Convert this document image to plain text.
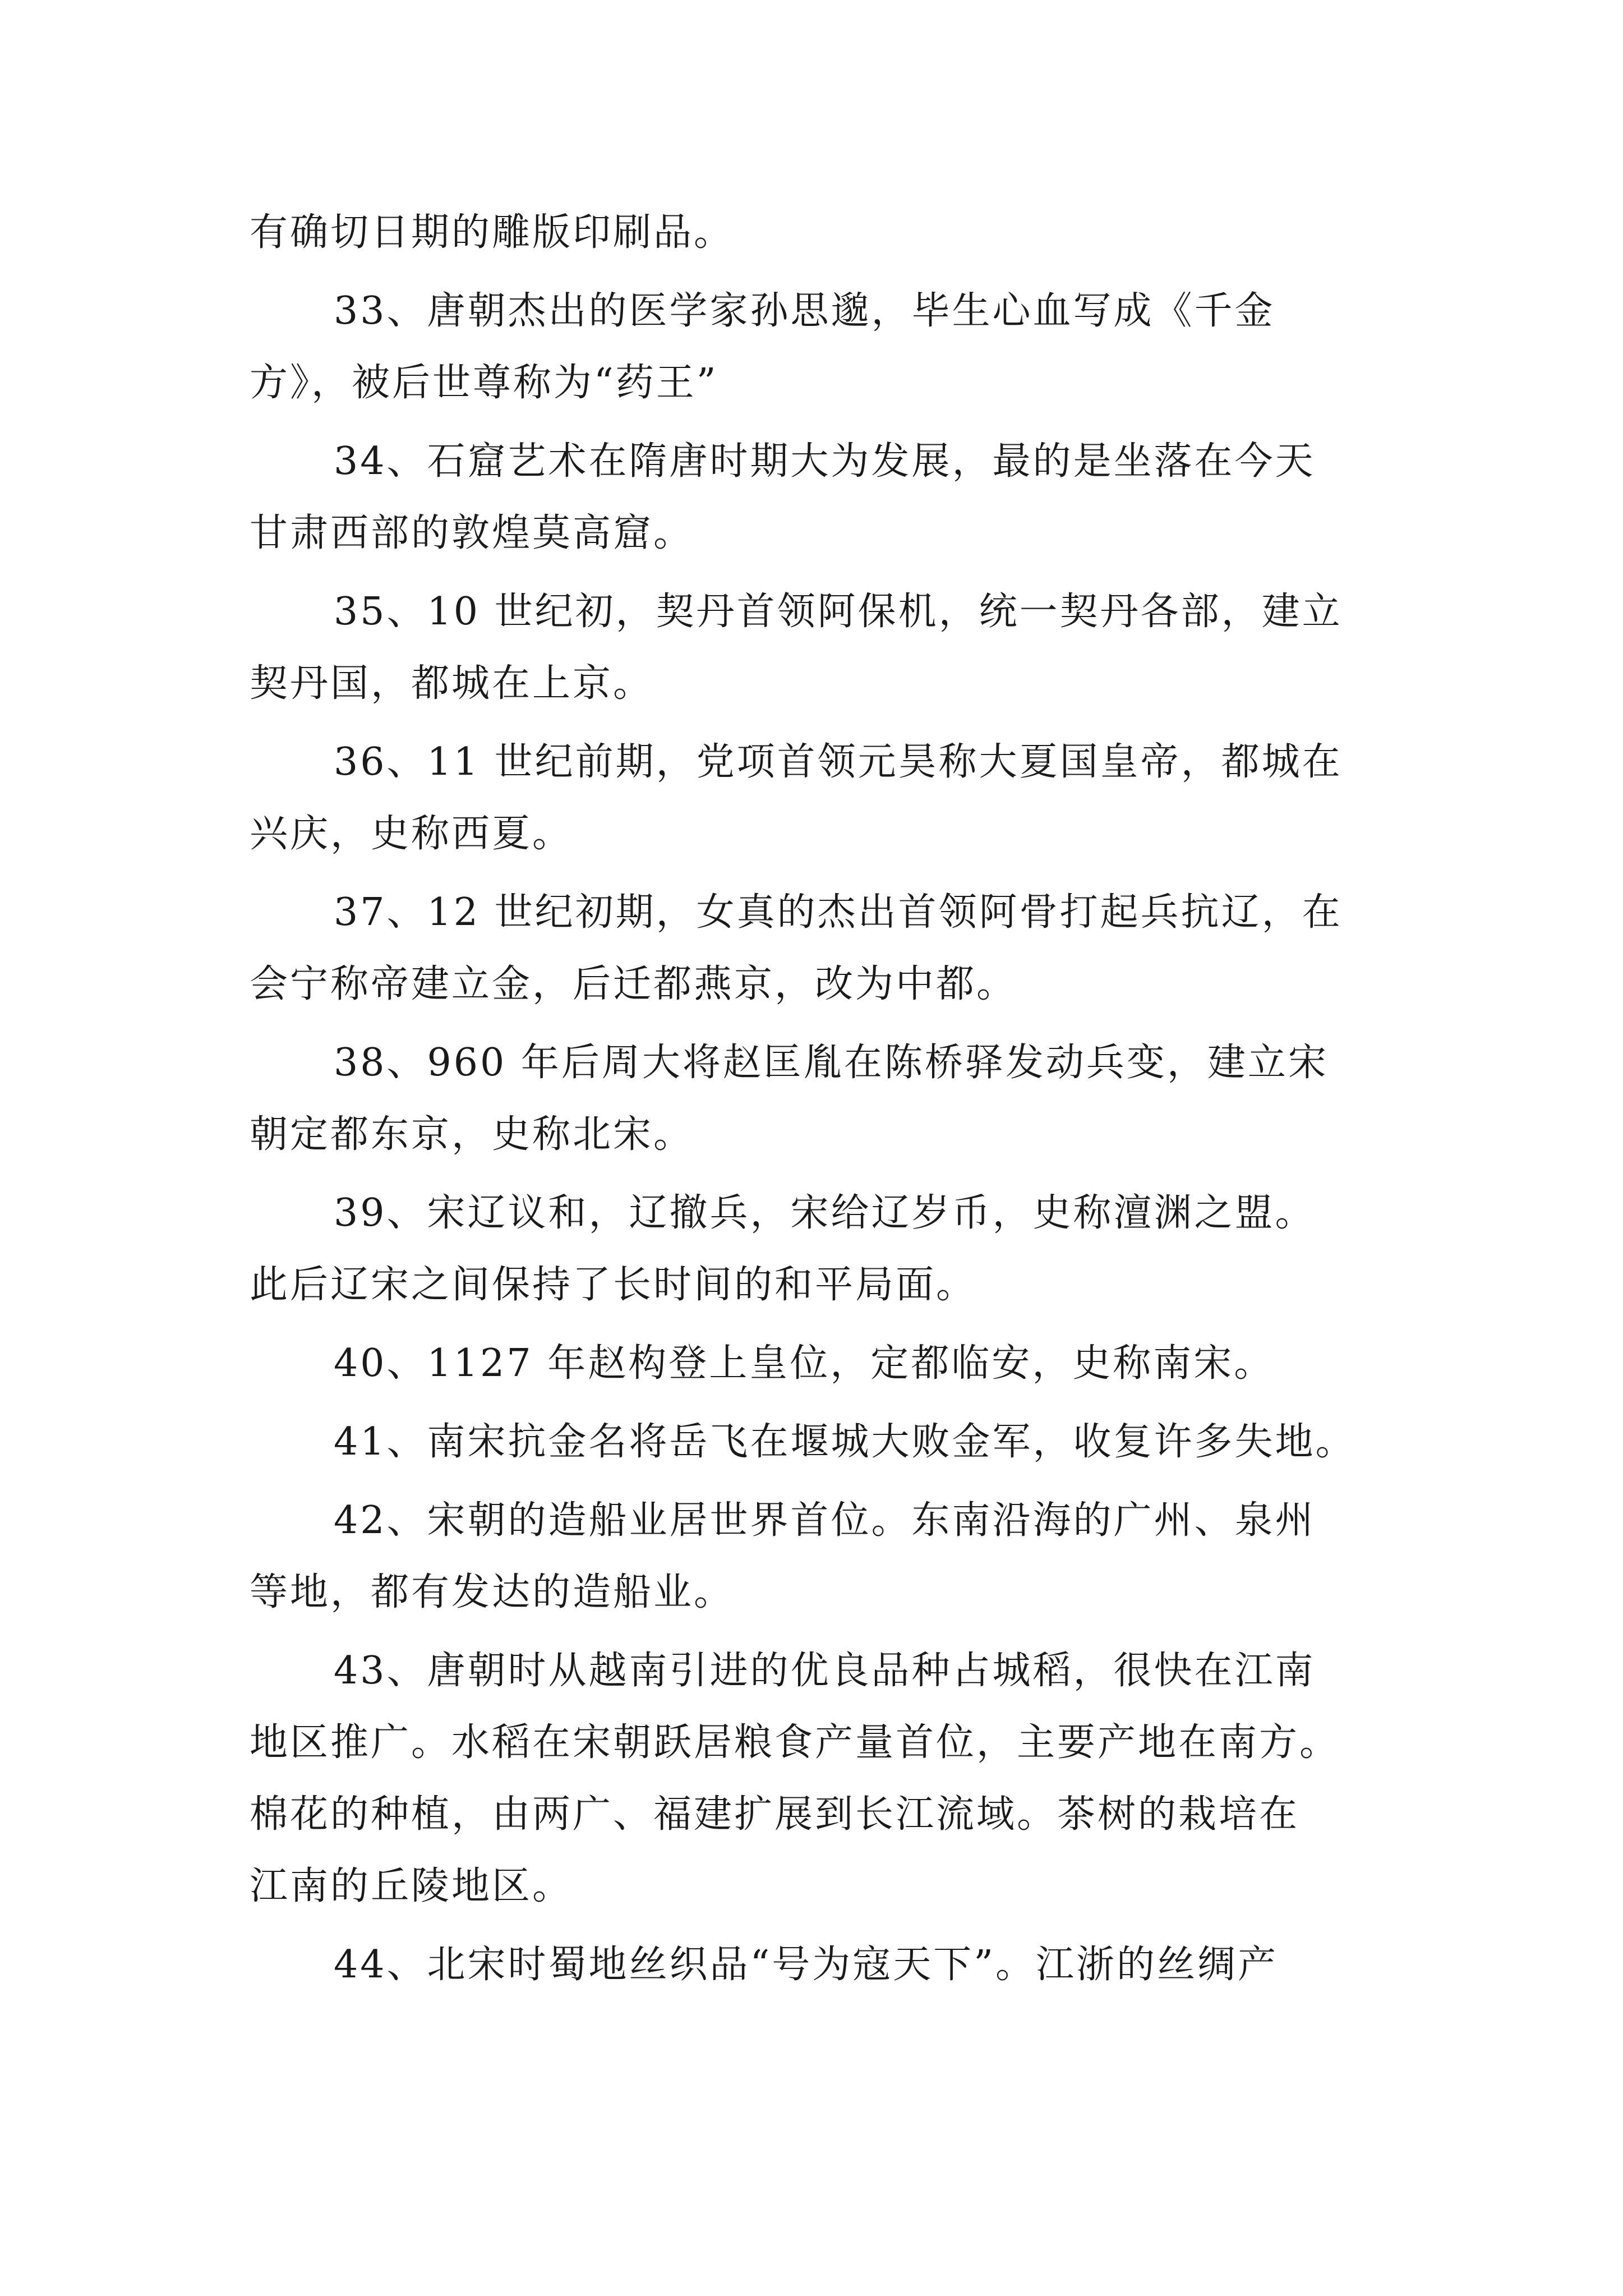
有确切日期的雕版印刷品。
33、唐朝杰出的医学家孙思邈，毕生心血写成《千金
方》，被后世尊称为“药王”
34、石窟艺术在隋唐时期大为发展，最的是坐落在今天
甘肃西部的敦煌莫高窟。
35、10 世纪初，契丹首领阿保机，统一契丹各部，建立
契丹国，都城在上京。
36、11 世纪前期，党项首领元昊称大夏国皇帝，都城在
兴庆，史称西夏。
37、12 世纪初期，女真的杰出首领阿骨打起兵抗辽，在
会宁称帝建立金，后迁都燕京，改为中都。
38、960 年后周大将赵匡胤在陈桥驿发动兵变，建立宋
朝定都东京，史称北宋。
39、宋辽议和，辽撤兵，宋给辽岁币，史称澶渊之盟。
此后辽宋之间保持了长时间的和平局面。
40、1127 年赵构登上皇位，定都临安，史称南宋。
41、南宋抗金名将岳飞在堰城大败金军，收复许多失地。
42、宋朝的造船业居世界首位。东南沿海的广州、泉州
等地，都有发达的造船业。
43、唐朝时从越南引进的优良品种占城稻，很快在江南
地区推广。水稻在宋朝跃居粮食产量首位，主要产地在南方。
棉花的种植，由两广、福建扩展到长江流域。茶树的栽培在
江南的丘陵地区。
44、北宋时蜀地丝织品“号为寇天下”。江浙的丝绸产
